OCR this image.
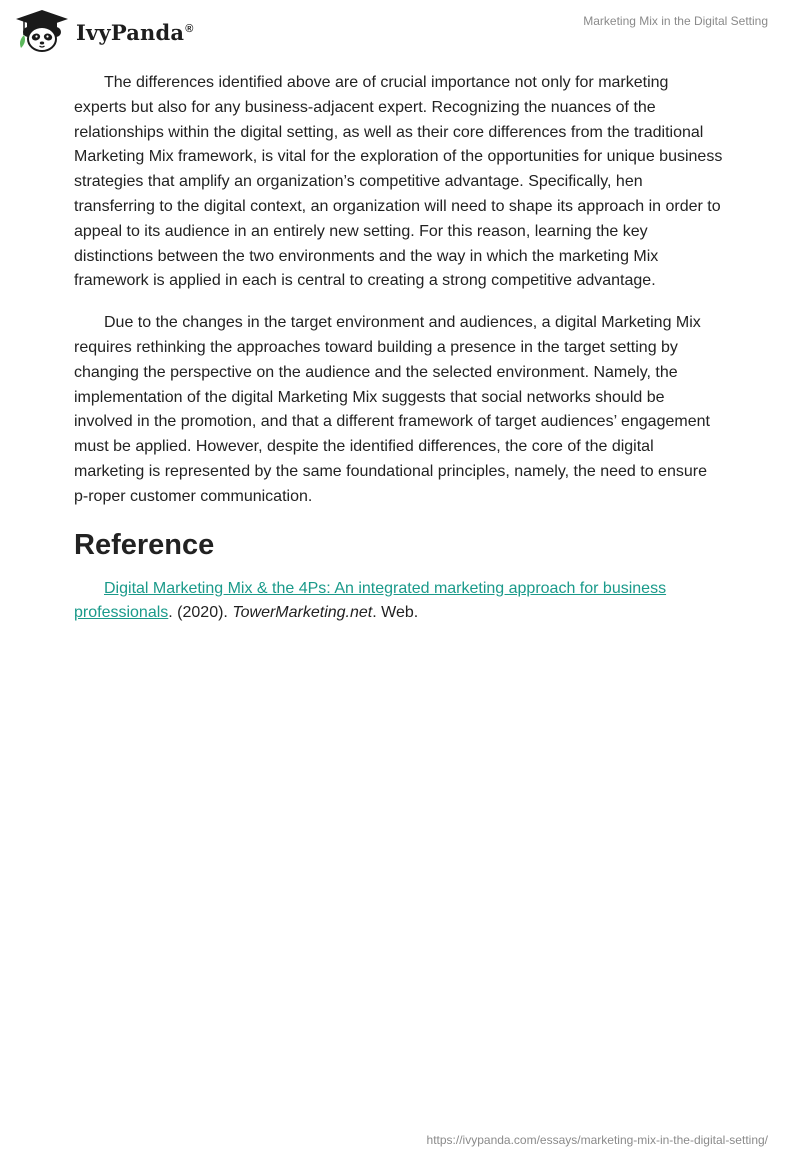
IvyPanda®
Marketing Mix in the Digital Setting

The differences identified above are of crucial importance not only for marketing experts but also for any business-adjacent expert. Recognizing the nuances of the relationships within the digital setting, as well as their core differences from the traditional Marketing Mix framework, is vital for the exploration of the opportunities for unique business strategies that amplify an organization’s competitive advantage. Specifically, hen transferring to the digital context, an organization will need to shape its approach in order to appeal to its audience in an entirely new setting. For this reason, learning the key distinctions between the two environments and the way in which the marketing Mix framework is applied in each is central to creating a strong competitive advantage.

Due to the changes in the target environment and audiences, a digital Marketing Mix requires rethinking the approaches toward building a presence in the target setting by changing the perspective on the audience and the selected environment. Namely, the implementation of the digital Marketing Mix suggests that social networks should be involved in the promotion, and that a different framework of target audiences’ engagement must be applied. However, despite the identified differences, the core of the digital marketing is represented by the same foundational principles, namely, the need to ensure p-roper customer communication.

Reference

Digital Marketing Mix & the 4Ps: An integrated marketing approach for business professionals. (2020). TowerMarketing.net. Web.

https://ivypanda.com/essays/marketing-mix-in-the-digital-setting/
